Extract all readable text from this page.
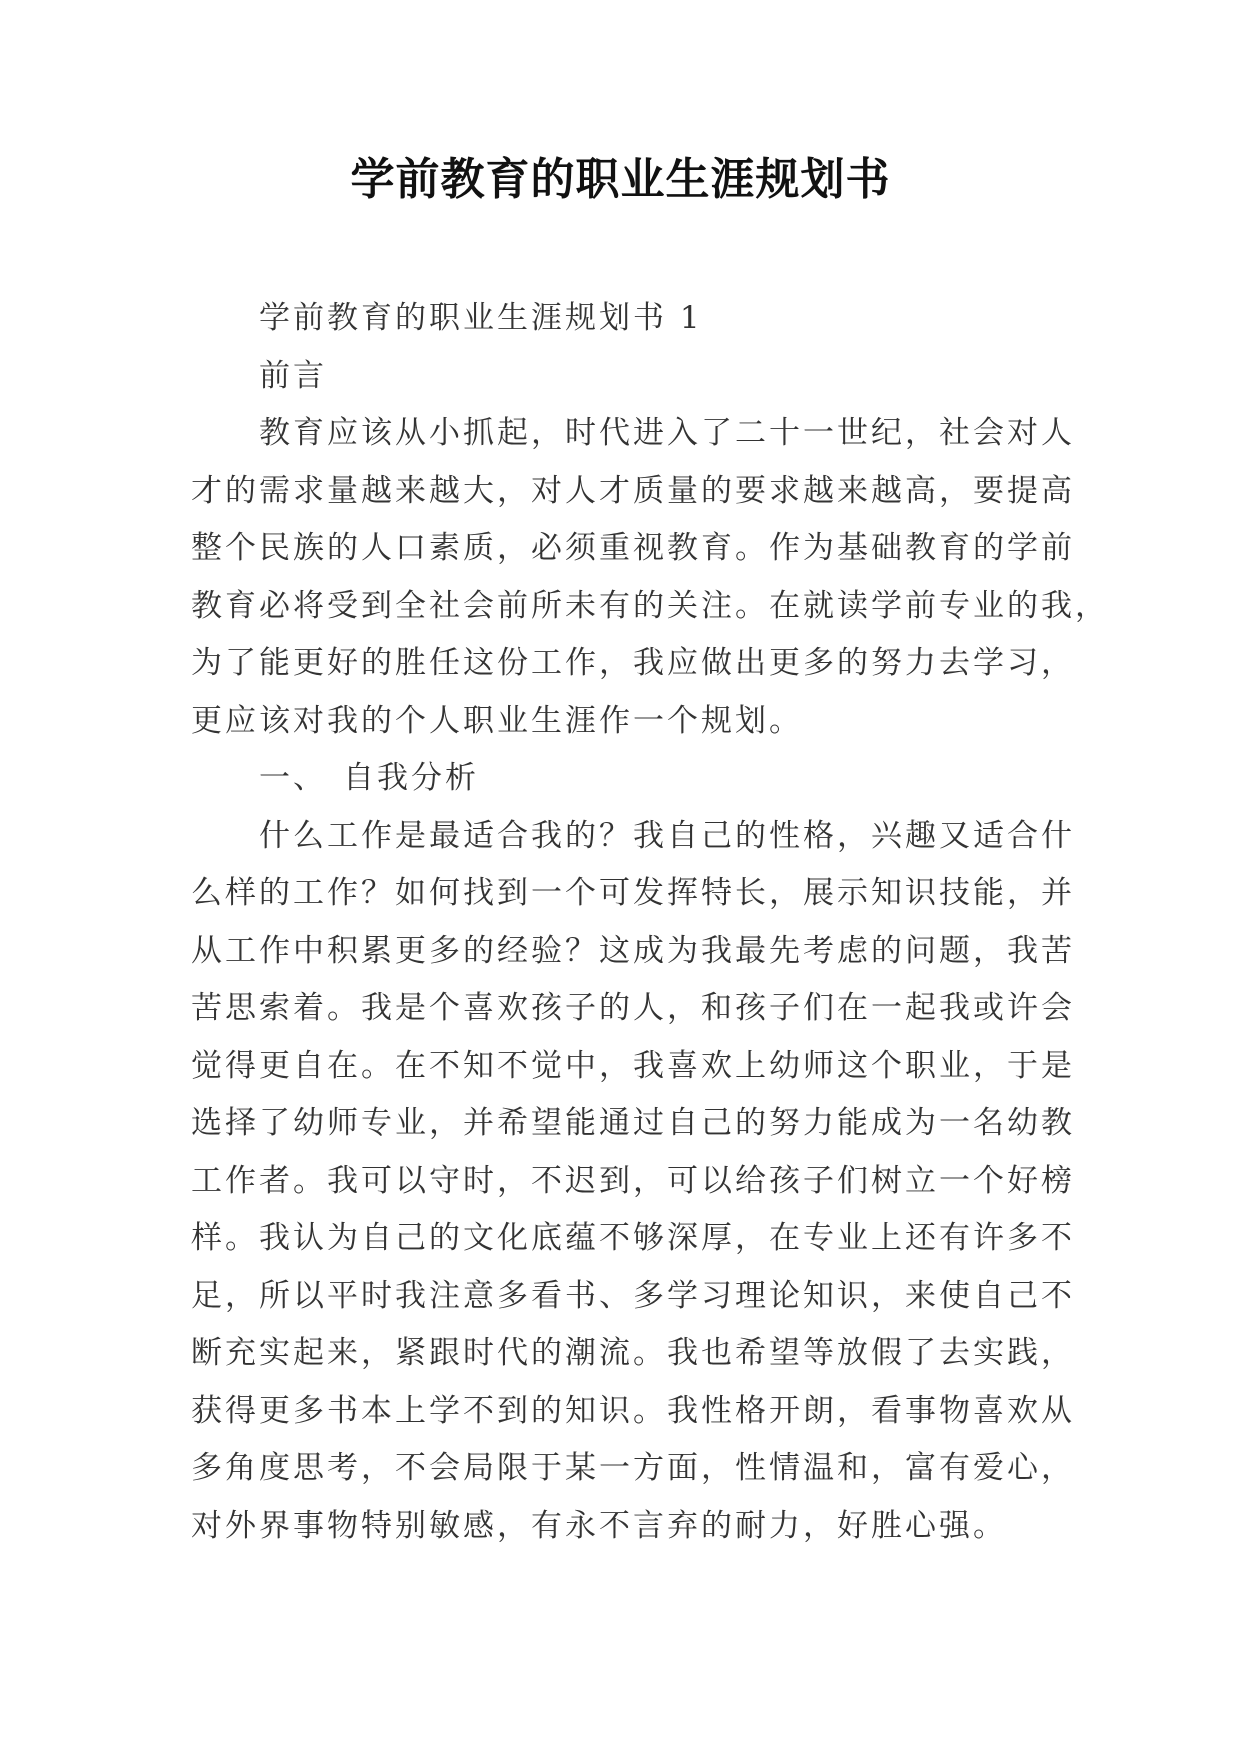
学前教育的职业生涯规划书
学前教育的职业生涯规划书 1
前言
教育应该从小抓起，时代进入了二十一世纪，社会对人
才的需求量越来越大，对人才质量的要求越来越高，要提高
整个民族的人口素质，必须重视教育。作为基础教育的学前
教育必将受到全社会前所未有的关注。在就读学前专业的我，
为了能更好的胜任这份工作，我应做出更多的努力去学习，
更应该对我的个人职业生涯作一个规划。
一、 自我分析
什么工作是最适合我的？我自己的性格，兴趣又适合什
么样的工作？如何找到一个可发挥特长，展示知识技能，并
从工作中积累更多的经验？这成为我最先考虑的问题，我苦
苦思索着。我是个喜欢孩子的人，和孩子们在一起我或许会
觉得更自在。在不知不觉中，我喜欢上幼师这个职业，于是
选择了幼师专业，并希望能通过自己的努力能成为一名幼教
工作者。我可以守时，不迟到，可以给孩子们树立一个好榜
样。我认为自己的文化底蕴不够深厚，在专业上还有许多不
足，所以平时我注意多看书、多学习理论知识，来使自己不
断充实起来，紧跟时代的潮流。我也希望等放假了去实践，
获得更多书本上学不到的知识。我性格开朗，看事物喜欢从
多角度思考，不会局限于某一方面，性情温和，富有爱心，
对外界事物特别敏感，有永不言弃的耐力，好胜心强。
